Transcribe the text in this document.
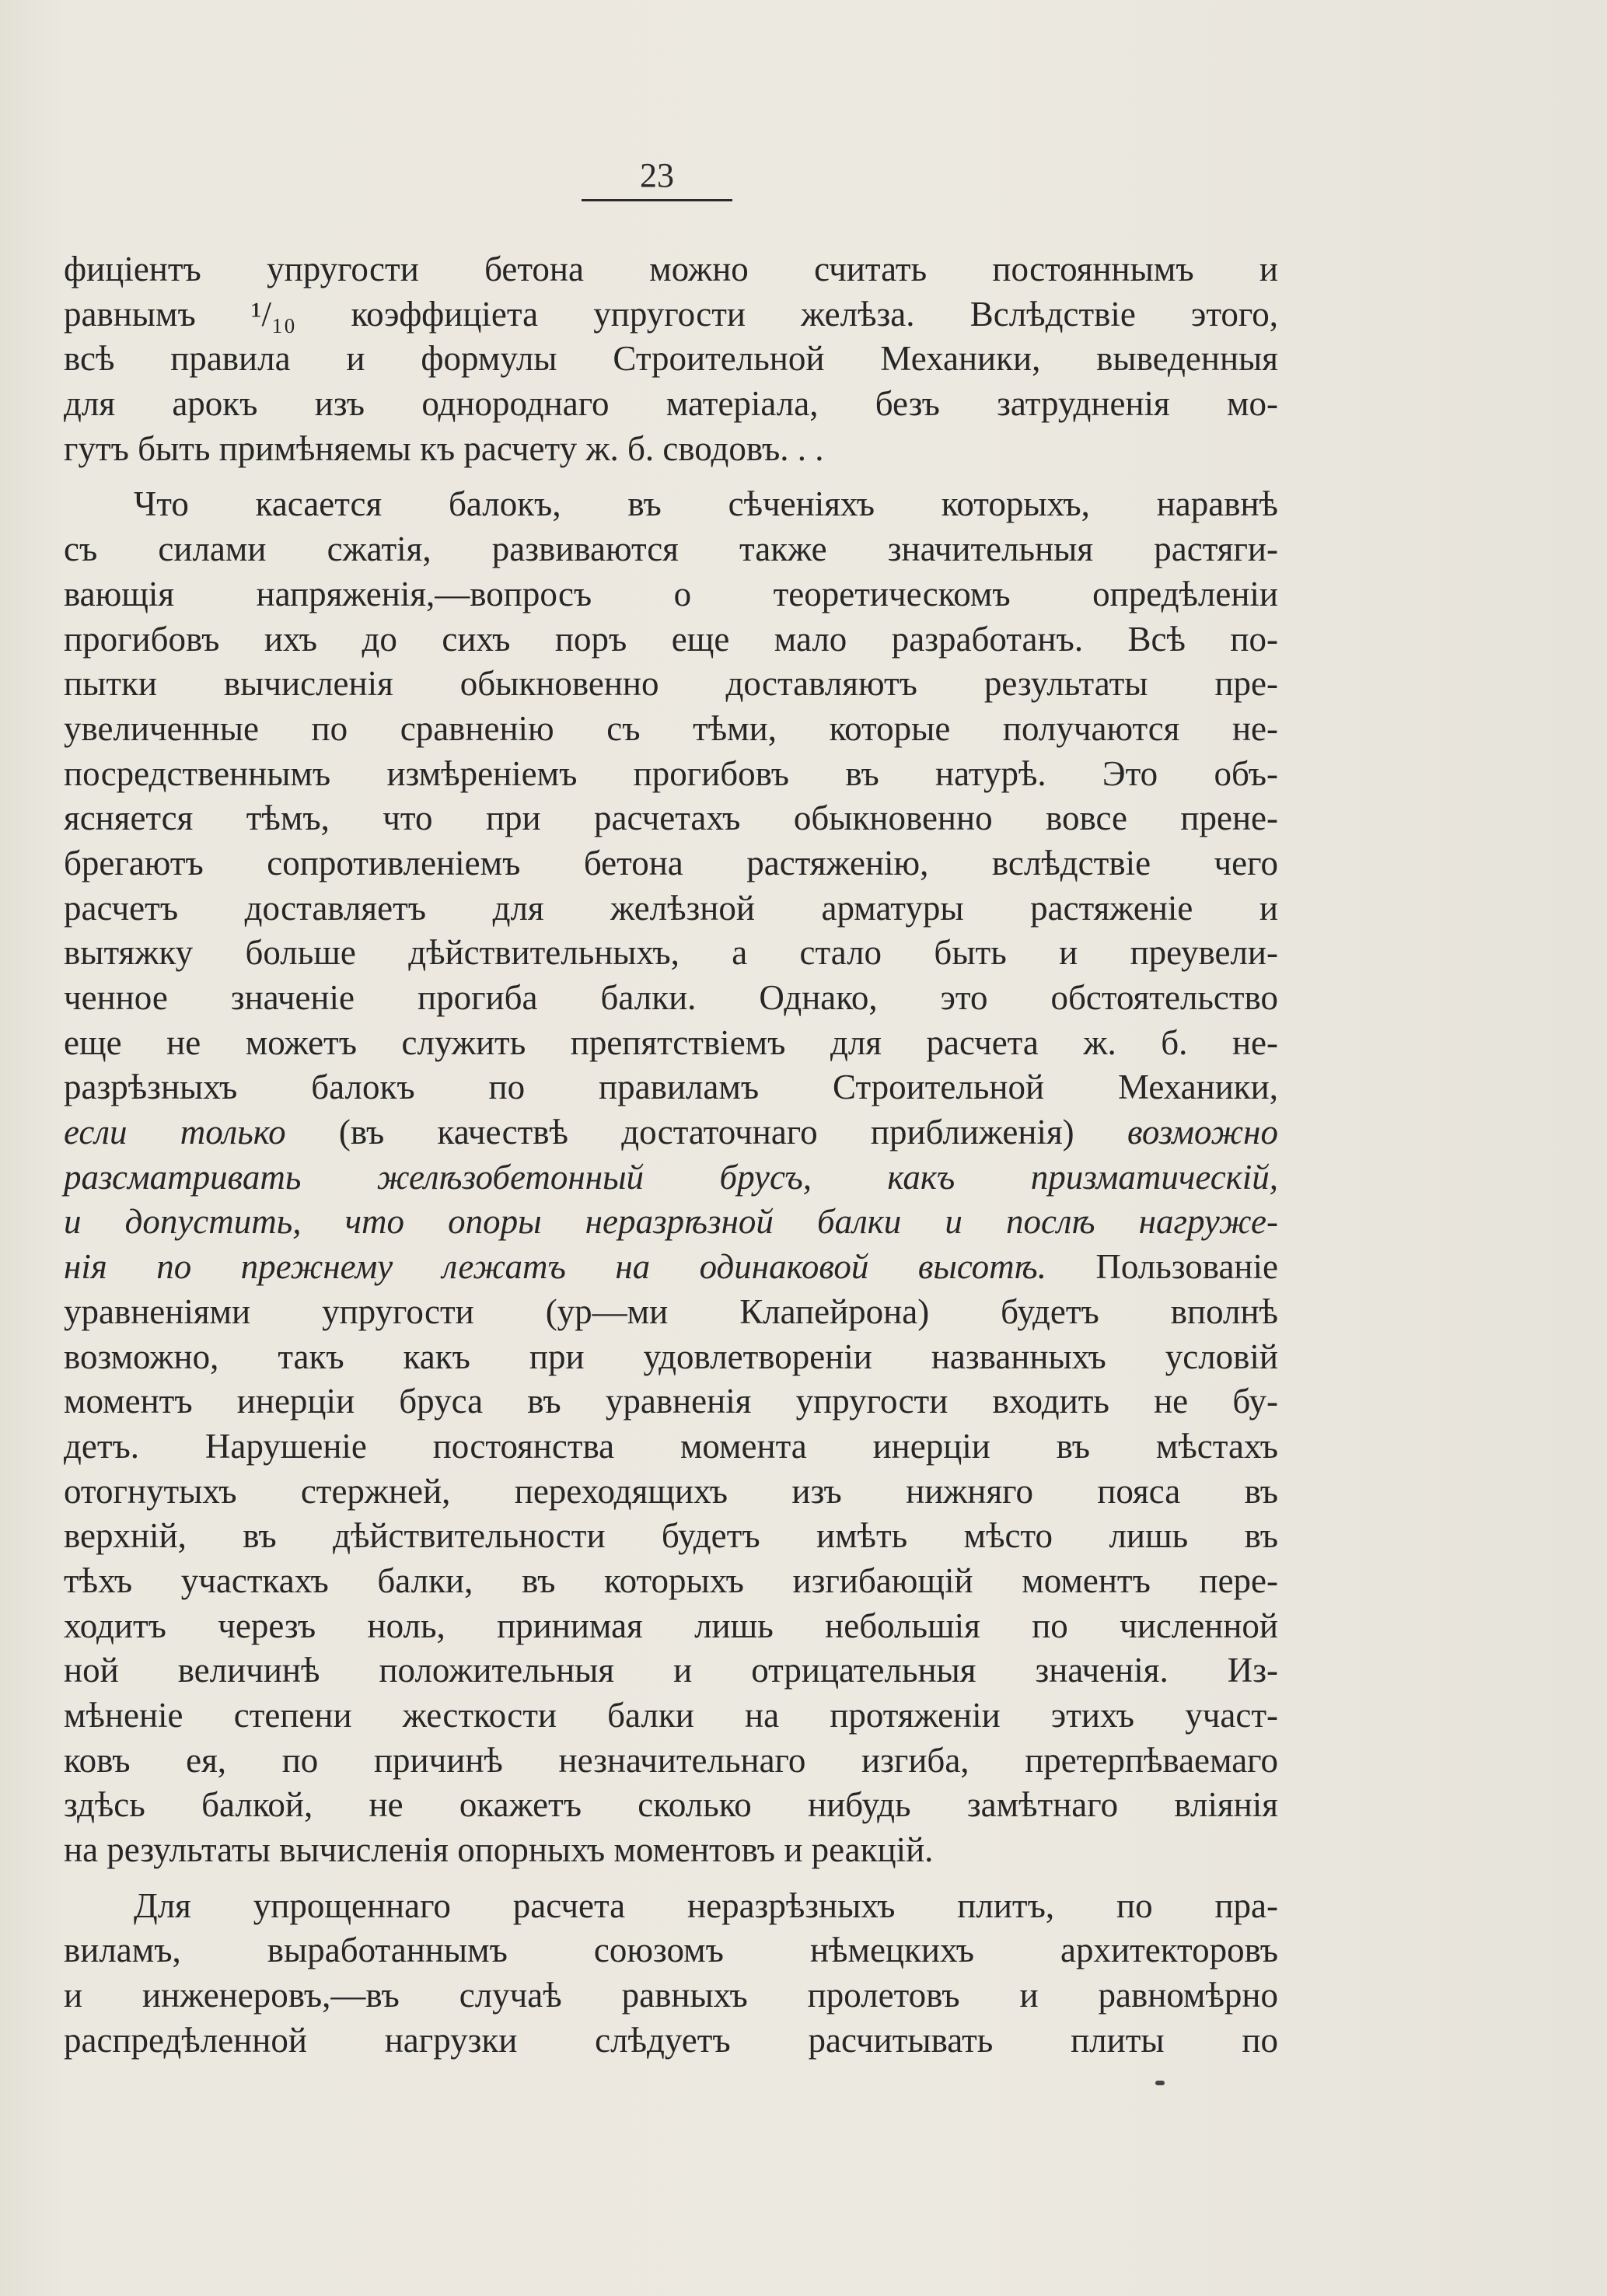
23
фиціентъ упругости бетона можно считать постояннымъ и
равнымъ ¹/₁₀ коэффиціета упругости желѣза. Вслѣдствіе этого,
всѣ правила и формулы Строительной Механики, выведенныя
для арокъ изъ однороднаго матеріала, безъ затрудненія мо-
гутъ быть примѣняемы къ расчету ж. б. сводовъ. . .
Что касается балокъ, въ сѣченіяхъ которыхъ, наравнѣ
съ силами сжатія, развиваются также значительныя растяги-
вающія напряженія,—вопросъ о теоретическомъ опредѣленіи
прогибовъ ихъ до сихъ поръ еще мало разработанъ. Всѣ по-
пытки вычисленія обыкновенно доставляютъ результаты пре-
увеличенные по сравненію съ тѣми, которые получаются не-
посредственнымъ измѣреніемъ прогибовъ въ натурѣ. Это объ-
ясняется тѣмъ, что при расчетахъ обыкновенно вовсе прене-
брегаютъ сопротивленіемъ бетона растяженію, вслѣдствіе чего
расчетъ доставляетъ для желѣзной арматуры растяженіе и
вытяжку больше дѣйствительныхъ, а стало быть и преувели-
ченное значеніе прогиба балки. Однако, это обстоятельство
еще не можетъ служить препятствіемъ для расчета ж. б. не-
разрѣзныхъ балокъ по правиламъ Строительной Механики,
если только (въ качествѣ достаточнаго приближенія) возможно
разсматривать желѣзобетонный брусъ, какъ призматическій,
и допустить, что опоры неразрѣзной балки и послѣ нагруже-
нія по прежнему лежатъ на одинаковой высотѣ. Пользованіе
уравненіями упругости (ур—ми Клапейрона) будетъ вполнѣ
возможно, такъ какъ при удовлетвореніи названныхъ условій
моментъ инерціи бруса въ уравненія упругости входить не бу-
детъ. Нарушеніе постоянства момента инерціи въ мѣстахъ
отогнутыхъ стержней, переходящихъ изъ нижняго пояса въ
верхній, въ дѣйствительности будетъ имѣть мѣсто лишь въ
тѣхъ участкахъ балки, въ которыхъ изгибающій моментъ пере-
ходитъ черезъ ноль, принимая лишь небольшія по численной
ной величинѣ положительныя и отрицательныя значенія. Из-
мѣненіе степени жесткости балки на протяженіи этихъ участ-
ковъ ея, по причинѣ незначительнаго изгиба, претерпѣваемаго
здѣсь балкой, не окажетъ сколько нибудь замѣтнаго вліянія
на результаты вычисленія опорныхъ моментовъ и реакцій.
Для упрощеннаго расчета неразрѣзныхъ плитъ, по пра-
виламъ, выработаннымъ союзомъ нѣмецкихъ архитекторовъ
и инженеровъ,—въ случаѣ равныхъ пролетовъ и равномѣрно
распредѣленной нагрузки слѣдуетъ расчитывать плиты по
